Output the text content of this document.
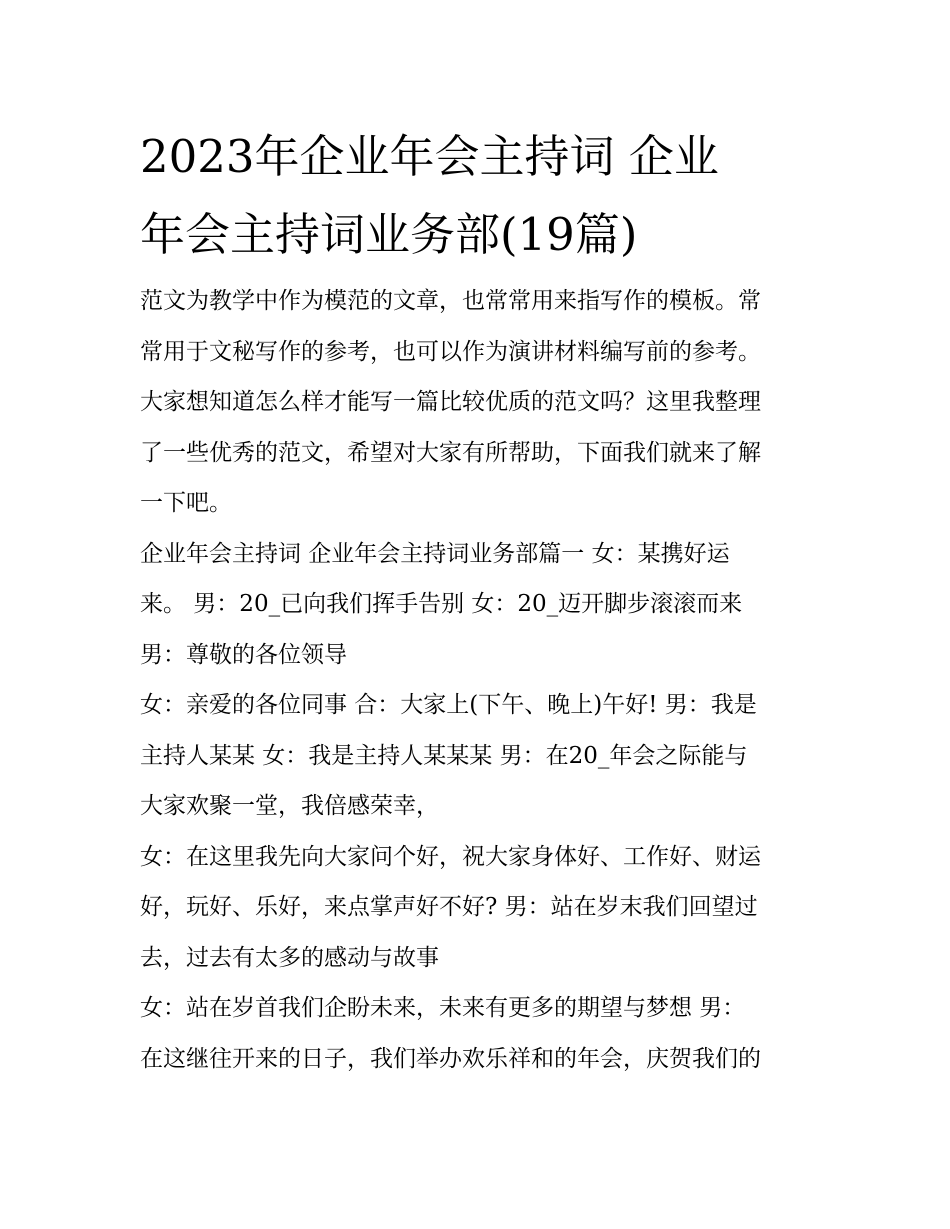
2023年企业年会主持词 企业
年会主持词业务部(19篇)
范文为教学中作为模范的文章，也常常用来指写作的模板。常
常用于文秘写作的参考，也可以作为演讲材料编写前的参考。
大家想知道怎么样才能写一篇比较优质的范文吗？这里我整理
了一些优秀的范文，希望对大家有所帮助，下面我们就来了解
一下吧。
企业年会主持词 企业年会主持词业务部篇一 女：某携好运
来。 男：20_已向我们挥手告别 女：20_迈开脚步滚滚而来
男：尊敬的各位领导
女：亲爱的各位同事 合：大家上(下午、晚上)午好! 男：我是
主持人某某 女：我是主持人某某某 男：在20_年会之际能与
大家欢聚一堂，我倍感荣幸，
女：在这里我先向大家问个好，祝大家身体好、工作好、财运
好，玩好、乐好，来点掌声好不好? 男：站在岁末我们回望过
去，过去有太多的感动与故事
女：站在岁首我们企盼未来，未来有更多的期望与梦想 男：
在这继往开来的日子，我们举办欢乐祥和的年会，庆贺我们的
